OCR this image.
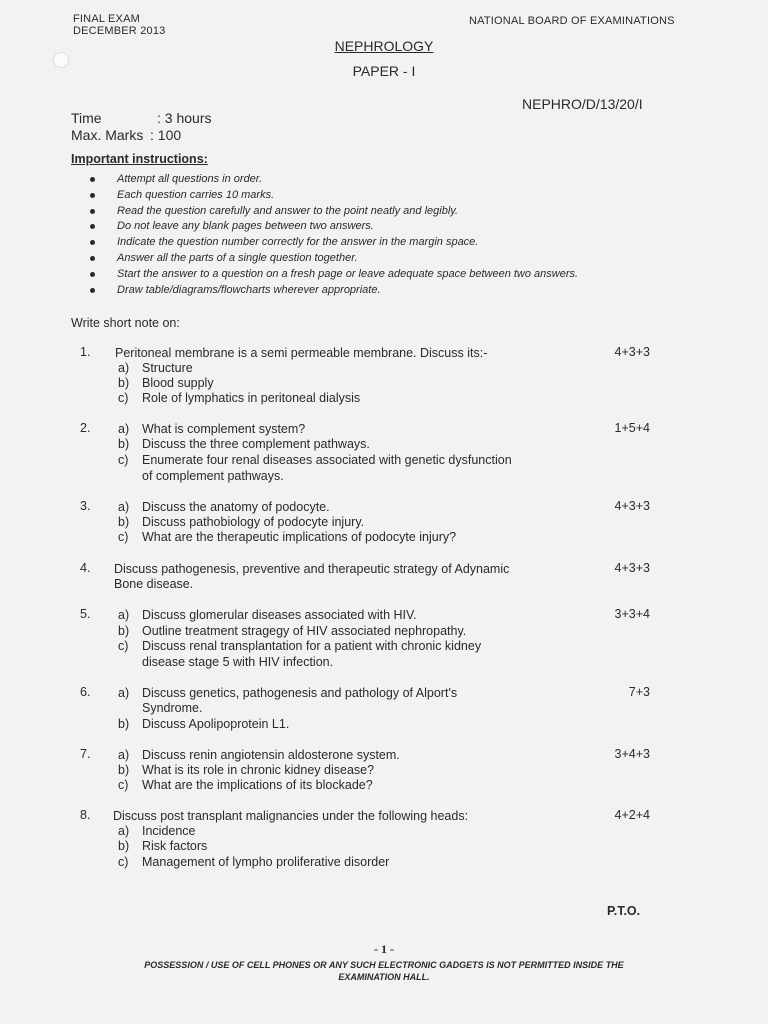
FINAL EXAM
DECEMBER 2013
NATIONAL BOARD OF EXAMINATIONS
NEPHROLOGY
PAPER - I
NEPHRO/D/13/20/I
Time	: 3 hours
Max. Marks : 100
Important instructions:
Attempt all questions in order.
Each question carries 10 marks.
Read the question carefully and answer to the point neatly and legibly.
Do not leave any blank pages between two answers.
Indicate the question number correctly for the answer in the margin space.
Answer all the parts of a single question together.
Start the answer to a question on a fresh page or leave adequate space between two answers.
Draw table/diagrams/flowcharts wherever appropriate.
Write short note on:
1.	4+3+3
Peritoneal membrane is a semi permeable membrane. Discuss its:-
a) Structure
b) Blood supply
c) Role of lymphatics in peritoneal dialysis
2.	1+5+4
a) What is complement system?
b) Discuss the three complement pathways.
c) Enumerate four renal diseases associated with genetic dysfunction
of complement pathways.
3.	4+3+3
a) Discuss the anatomy of podocyte.
b) Discuss pathobiology of podocyte injury.
c) What are the therapeutic implications of podocyte injury?
4.	4+3+3
Discuss pathogenesis, preventive and therapeutic strategy of Adynamic
Bone disease.
5.	3+3+4
a) Discuss glomerular diseases associated with HIV.
b) Outline treatment stragegy of HIV associated nephropathy.
c) Discuss renal transplantation for a patient with chronic kidney
disease stage 5 with HIV infection.
6.	7+3
a) Discuss genetics, pathogenesis and pathology of Alport's
Syndrome.
b) Discuss Apolipoprotein L1.
7.	3+4+3
a) Discuss renin angiotensin aldosterone system.
b) What is its role in chronic kidney disease?
c) What are the implications of its blockade?
8.	4+2+4
Discuss post transplant malignancies under the following heads:
a) Incidence
b) Risk factors
c) Management of lympho proliferative disorder
P.T.O.
- 1 -
POSSESSION / USE OF CELL PHONES OR ANY SUCH ELECTRONIC GADGETS IS NOT PERMITTED INSIDE THE
EXAMINATION HALL.
